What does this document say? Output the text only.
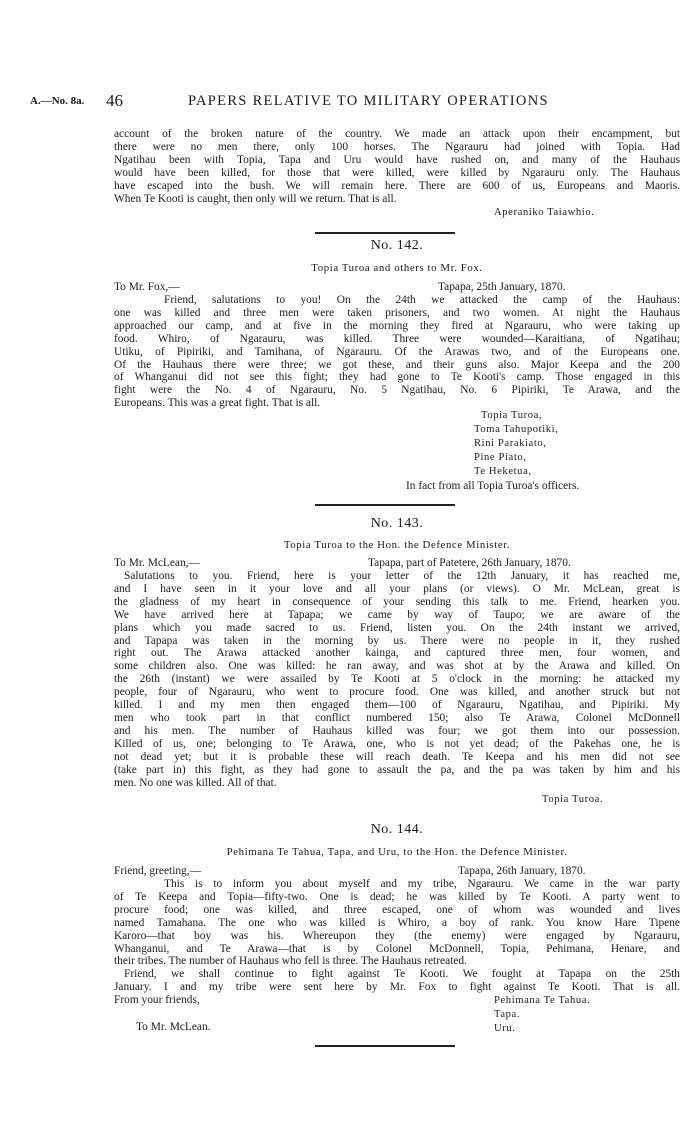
A.—No. 8a. 46	PAPERS RELATIVE TO MILITARY OPERATIONS
account of the broken nature of the country. We made an attack upon their encampment, but
there were no men there, only 100 horses. The Ngarauru had joined with Topia. Had
Ngatihau been with Topia, Tapa and Uru would have rushed on, and many of the Hauhaus
would have been killed, for those that were killed, were killed by Ngarauru only. The Hauhaus
have escaped into the bush. We will remain here. There are 600 of us, Europeans and Maoris.
When Te Kooti is caught, then only will we return. That is all.
Aperaniko Taiawhio.
No. 142.
Topia Turoa and others to Mr. Fox.
To Mr. Fox,—	Tapapa, 25th January, 1870.
Friend, salutations to you! On the 24th we attacked the camp of the Hauhaus:
one was killed and three men were taken prisoners, and two women. At night the Hauhaus
approached our camp, and at five in the morning they fired at Ngarauru, who were taking up
food. Whiro, of Ngarauru, was killed. Three were wounded—Karaitiana, of Ngatihau;
Utiku, of Pipiriki, and Tamihana, of Ngarauru. Of the Arawas two, and of the Europeans one.
Of the Hauhaus there were three; we got these, and their guns also. Major Keepa and the 200
of Whanganui did not see this fight; they had gone to Te Kooti's camp. Those engaged in this
fight were the No. 4 of Ngarauru, No. 5 Ngatihau, No. 6 Pipiriki, Te Arawa, and the
Europeans. This was a great fight. That is all.
Topia Turoa,
Toma Tahupotiki,
Rini Parakiato,
Pine Piato,
Te Heketua,
In fact from all Topia Turoa's officers.
No. 143.
Topia Turoa to the Hon. the Defence Minister.
To Mr. McLean,—	Tapapa, part of Patetere, 26th January, 1870.
Salutations to you. Friend, here is your letter of the 12th January, it has reached me,
and I have seen in it your love and all your plans (or views). O Mr. McLean, great is
the gladness of my heart in consequence of your sending this talk to me. Friend, hearken you.
We have arrived here at Tapapa; we came by way of Taupo; we are aware of the
plans which you made sacred to us. Friend, listen you. On the 24th instant we arrived,
and Tapapa was taken in the morning by us. There were no people in it, they rushed
right out. The Arawa attacked another kainga, and captured three men, four women, and
some children also. One was killed: he ran away, and was shot at by the Arawa and killed. On
the 26th (instant) we were assailed by Te Kooti at 5 o'clock in the morning: he attacked my
people, four of Ngarauru, who went to procure food. One was killed, and another struck but not
killed. I and my men then engaged them—100 of Ngarauru, Ngatihau, and Pipiriki. My
men who took part in that conflict numbered 150; also Te Arawa, Colonel McDonnell
and his men. The number of Hauhaus killed was four; we got them into our possession.
Killed of us, one; belonging to Te Arawa, one, who is not yet dead; of the Pakehas one, he is
not dead yet; but it is probable these will reach death. Te Keepa and his men did not see
(take part in) this fight, as they had gone to assault the pa, and the pa was taken by him and his
men. No one was killed. All of that.
Topia Turoa.
No. 144.
Pehimana Te Tahua, Tapa, and Uru, to the Hon. the Defence Minister.
Friend, greeting,—	Tapapa, 26th January, 1870.
This is to inform you about myself and my tribe, Ngarauru. We came in the war party
of Te Keepa and Topia—fifty-two. One is dead; he was killed by Te Kooti. A party went to
procure food; one was killed, and three escaped, one of whom was wounded and lives
named Tamahana. The one who was killed is Whiro, a boy of rank. You know Hare Tipene
Karoro—that boy was his. Whereupon they (the enemy) were engaged by Ngarauru,
Whanganui, and Te Arawa—that is by Colonel McDonnell, Topia, Pehimana, Henare, and
their tribes. The number of Hauhaus who fell is three. The Hauhaus retreated.
Friend, we shall continue to fight against Te Kooti. We fought at Tapapa on the 25th
January. I and my tribe were sent here by Mr. Fox to fight against Te Kooti. That is all.
From your friends,	Pehimana Te Tahua.
Tapa.
To Mr. McLean.	Uru.
